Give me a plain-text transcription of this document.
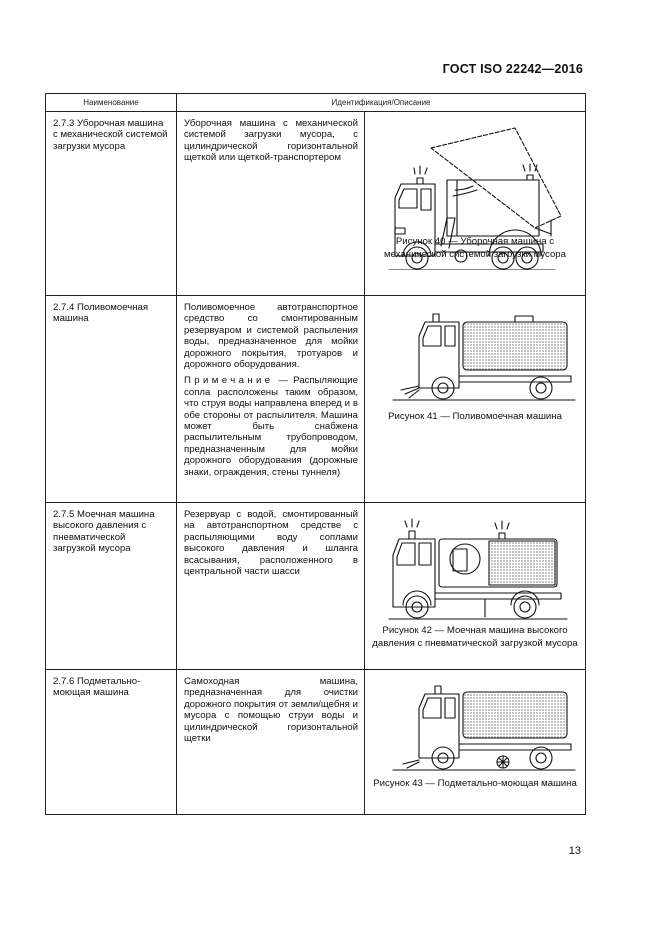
ГОСТ ISO 22242—2016
Наименование	Идентификация/Описание	
2.7.3 Уборочная машина с механической системой загрузки мусора	Уборочная машина с механической системой загрузки мусора, с цилиндрической горизонтальной щеткой или щеткой-транспортером	Рисунок 40 — Уборочная машина с механической системой загрузки мусора

2.7.4 Поливомоечная машина	Поливомоечное автотранспортное средство со смонтированным резервуаром и системой распыления воды, предназначенное для мойки дорожного покрытия, тротуаров и дорожного оборудования.
Примечание — Распыляющие сопла расположены таким образом, что струя воды направлена вперед и в обе стороны от распылителя. Машина может быть снабжена распылительным трубопроводом, предназначенным для мойки дорожного оборудования (дорожные знаки, ограждения, стены туннеля)	Рисунок 41 — Поливомоечная машина

2.7.5 Моечная машина высокого давления с пневматической загрузкой мусора	Резервуар с водой, смонтированный на автотранспортном средстве с распыляющими воду соплами высокого давления и шланга всасывания, расположенного в центральной части шасси	Рисунок 42 — Моечная машина высокого давления с пневматической загрузкой мусора

2.7.6 Подметально-моющая машина	Самоходная машина, предназначенная для очистки дорожного покрытия от земли/щебня и мусора с помощью струи воды и цилиндрической горизонтальной щетки	Рисунок 43 — Подметально-моющая машина
13
